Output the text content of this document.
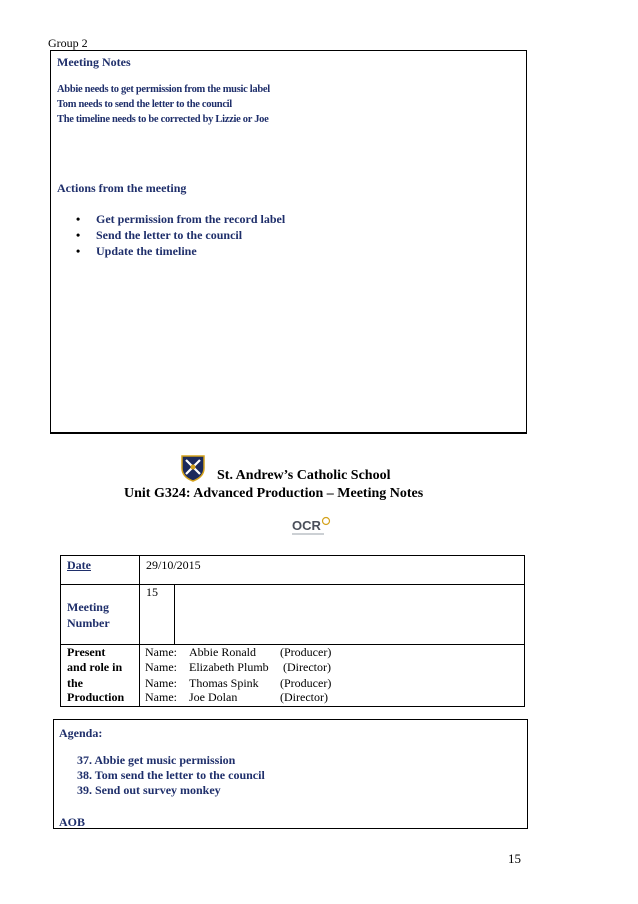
Group 2
Meeting Notes
Abbie needs to get permission from the music label
Tom needs to send the letter to the council
The timeline needs to be corrected by Lizzie or Joe
Actions from the meeting
• Get permission from the record label
• Send the letter to the council
• Update the timeline
St. Andrew’s Catholic School
Unit G324: Advanced Production – Meeting Notes
OCR
Date	29/10/2015
Meeting
Number
15
Present
and role in
the
Production
Name: Abbie Ronald (Producer)
Name: Elizabeth Plumb (Director)
Name: Thomas Spink (Producer)
Name: Joe Dolan	(Director)
Agenda:
37. Abbie get music permission
38. Tom send the letter to the council
39. Send out survey monkey
AOB
15
